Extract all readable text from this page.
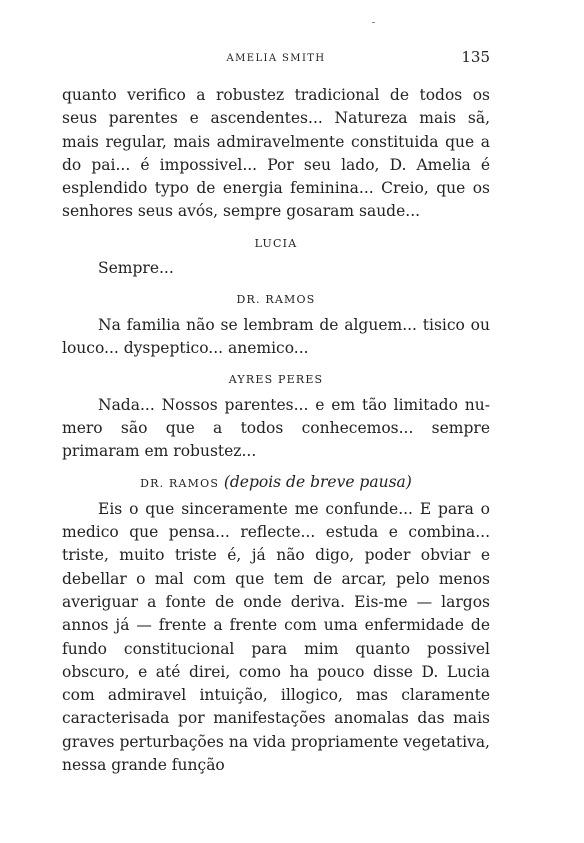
AMELIA SMITH	135

quanto verifico a robustez tradicional de todos os seus parentes e ascendentes... Natureza mais sã, mais regular, mais admiravelmente constituida que a do pai... é impossivel... Por seu lado, D. Amelia é esplendido typo de energia feminina... Creio, que os senhores seus avós, sempre gosaram saude...

LUCIA

Sempre...

DR. RAMOS

Na familia não se lembram de alguem... tisico ou louco... dyspeptico... anemico...

AYRES PERES

Nada... Nossos parentes... e em tão limitado numero são que a todos conhecemos... sempre primaram em robustez...

DR. RAMOS (depois de breve pausa)

Eis o que sinceramente me confunde... E para o medico que pensa... reflecte... estuda e combina... triste, muito triste é, já não digo, poder obviar e debellar o mal com que tem de arcar, pelo menos averiguar a fonte de onde deriva. Eis-me — largos annos já — frente a frente com uma enfermidade de fundo constitucional para mim quanto possivel obscuro, e até direi, como ha pouco disse D. Lucia com admiravel intuição, illogico, mas claramente caracterisada por manifestações anomalas das mais graves perturbações na vida propriamente vegetativa, nessa grande função
